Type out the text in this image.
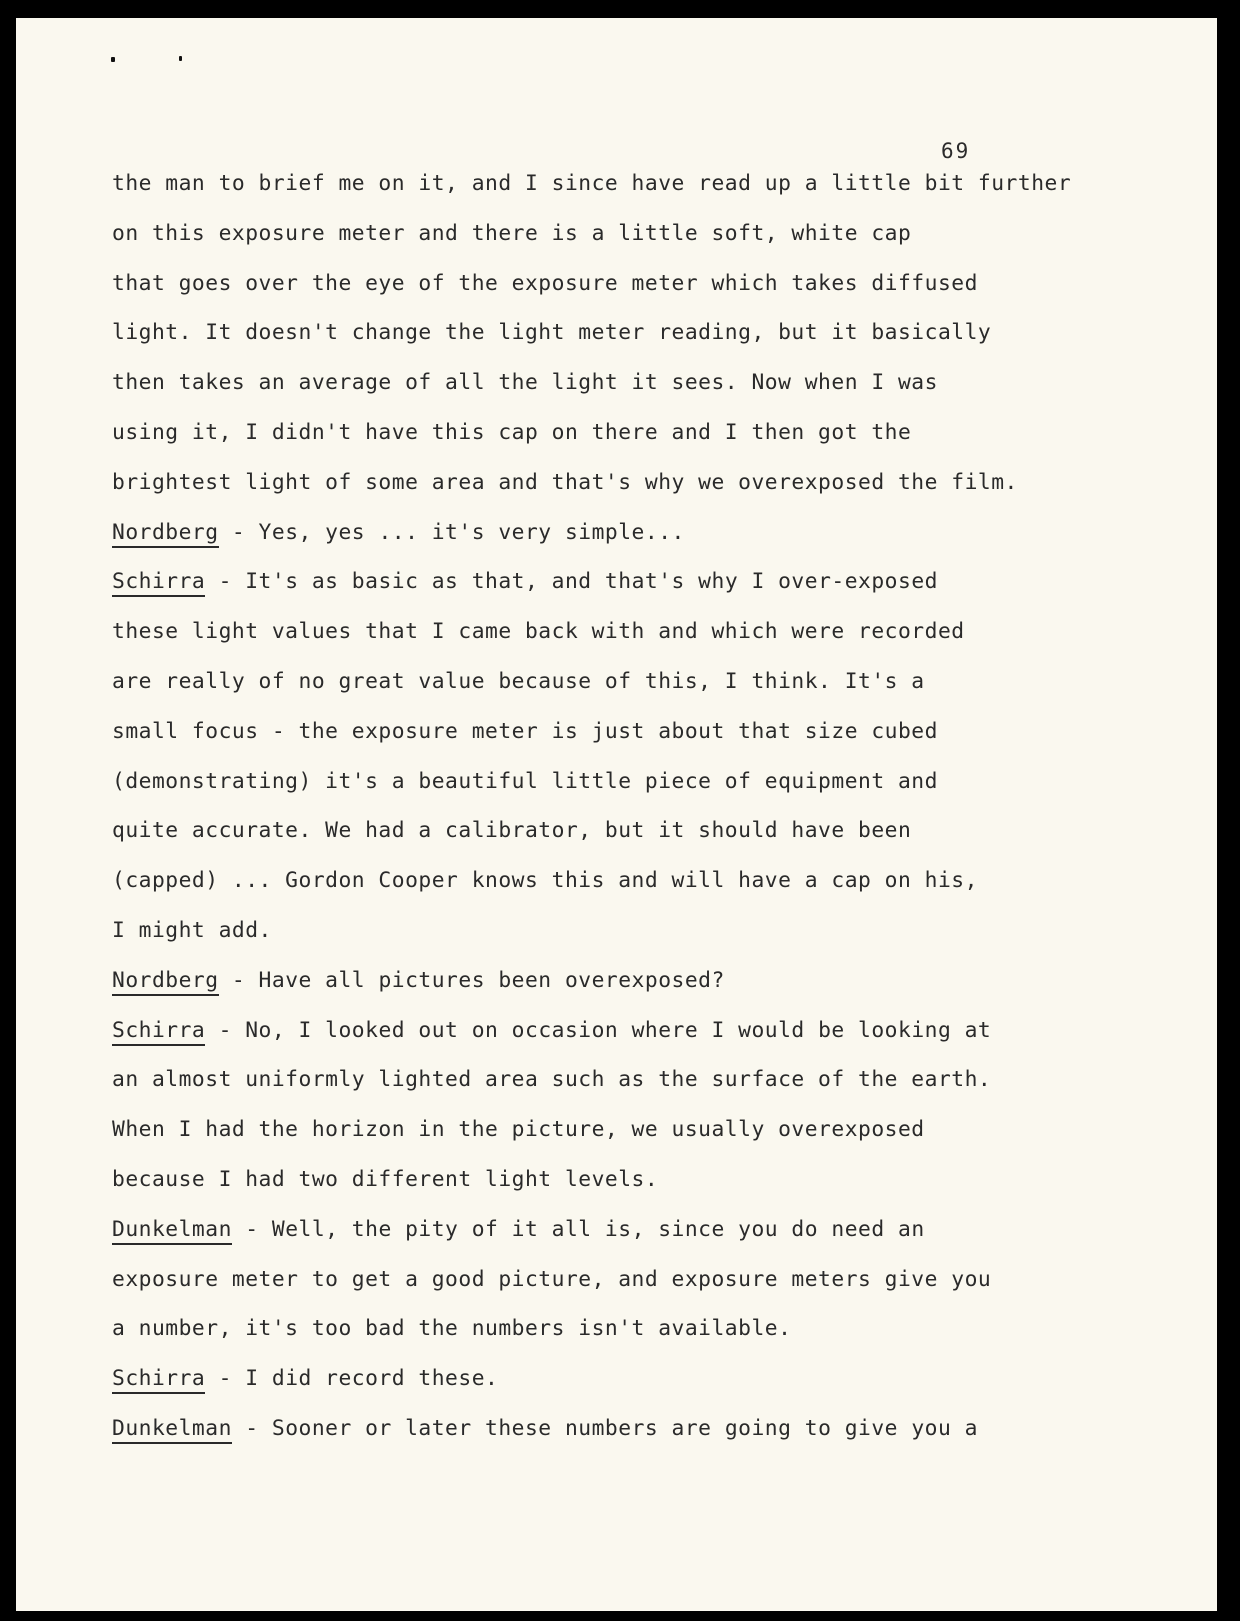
69
the man to brief me on it, and I since have read up a little bit further
on this exposure meter and there is a little soft, white cap
that goes over the eye of the exposure meter which takes diffused
light. It doesn't change the light meter reading, but it basically
then takes an average of all the light it sees. Now when I was
using it, I didn't have this cap on there and I then got the
brightest light of some area and that's why we overexposed the film.
Nordberg - Yes, yes ... it's very simple...
Schirra - It's as basic as that, and that's why I over-exposed
these light values that I came back with and which were recorded
are really of no great value because of this, I think. It's a
small focus - the exposure meter is just about that size cubed
(demonstrating) it's a beautiful little piece of equipment and
quite accurate. We had a calibrator, but it should have been
(capped) ... Gordon Cooper knows this and will have a cap on his,
I might add.
Nordberg - Have all pictures been overexposed?
Schirra - No, I looked out on occasion where I would be looking at
an almost uniformly lighted area such as the surface of the earth.
When I had the horizon in the picture, we usually overexposed
because I had two different light levels.
Dunkelman - Well, the pity of it all is, since you do need an
exposure meter to get a good picture, and exposure meters give you
a number, it's too bad the numbers isn't available.
Schirra - I did record these.
Dunkelman - Sooner or later these numbers are going to give you a
